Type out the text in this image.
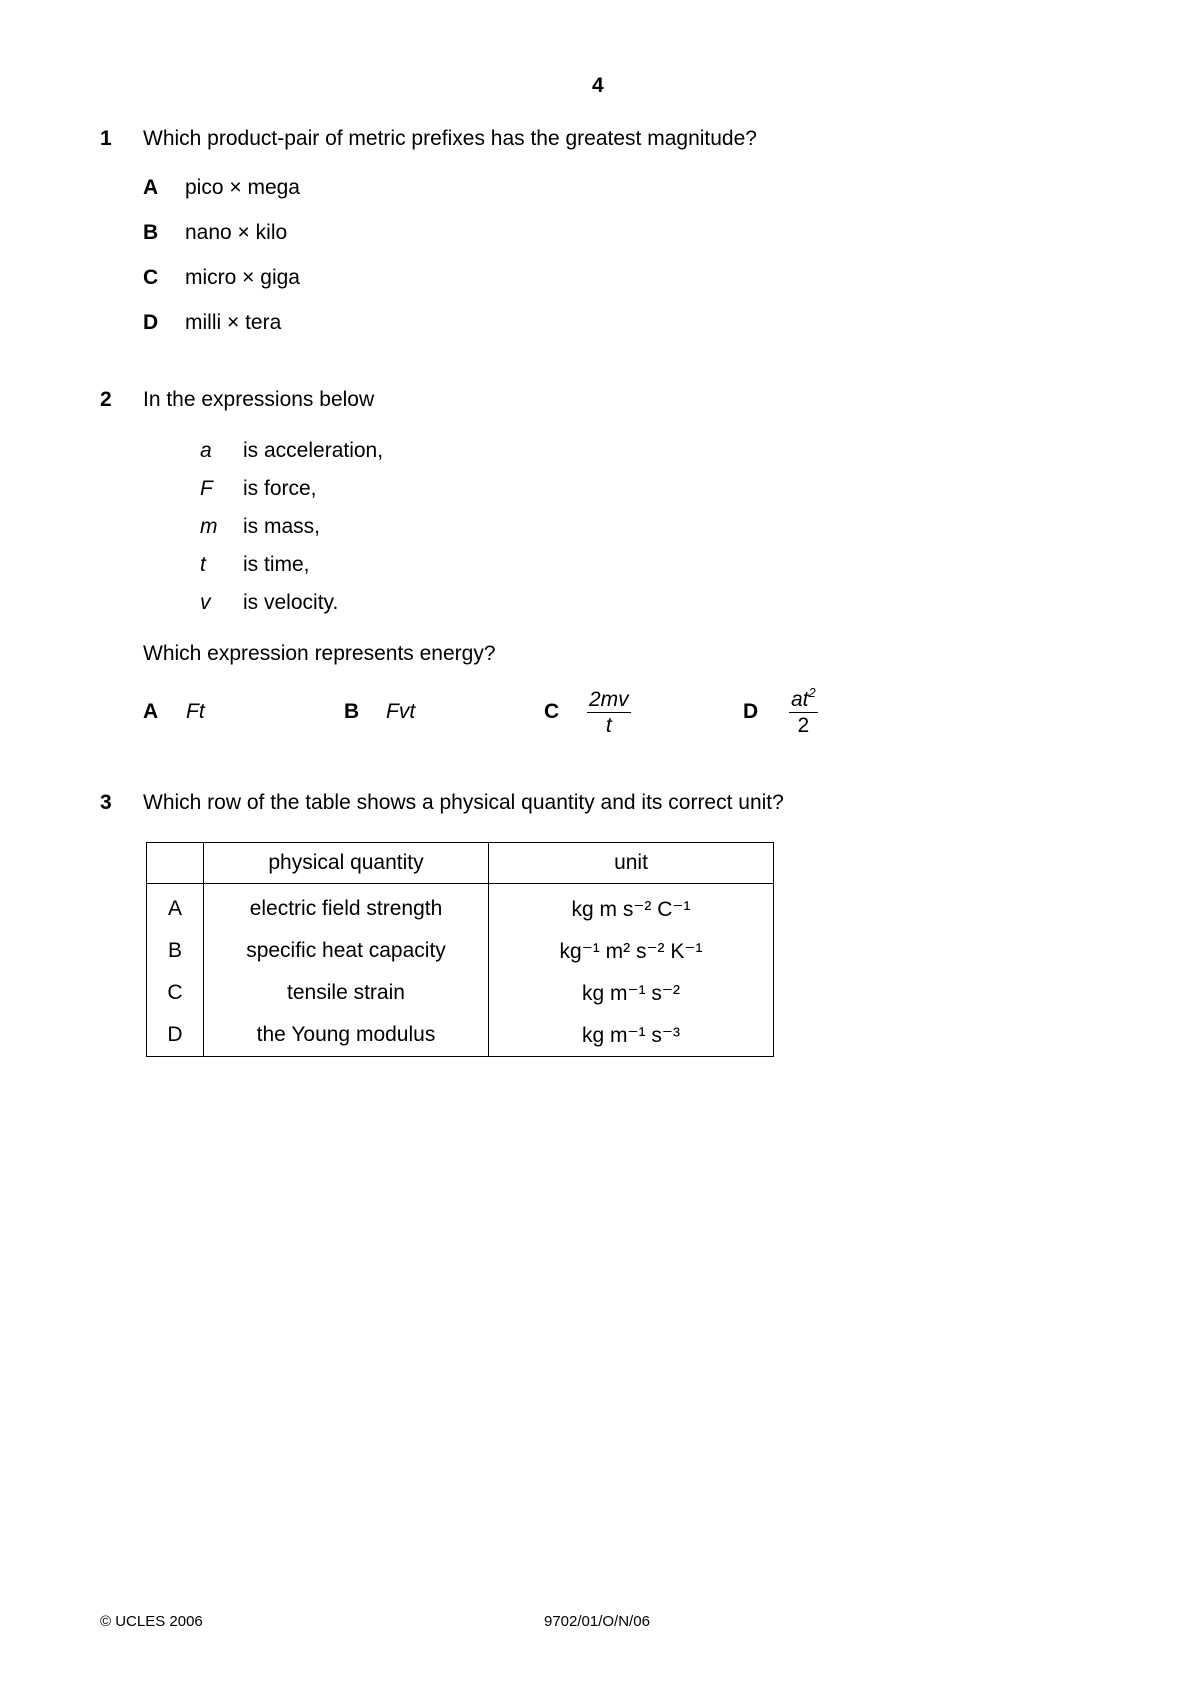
4
1 Which product-pair of metric prefixes has the greatest magnitude?
A pico × mega
B nano × kilo
C micro × giga
D milli × tera
2 In the expressions below
a is acceleration,
F is force,
m is mass,
t is time,
v is velocity.
Which expression represents energy?
A Ft	B Fvt	C $\frac{2mv}{t}$	D $\frac{at^2}{2}$
3 Which row of the table shows a physical quantity and its correct unit?
	physical quantity	unit
A	electric field strength	kg m s⁻² C⁻¹
B	specific heat capacity	kg⁻¹ m² s⁻² K⁻¹
C	tensile strain	kg m⁻¹ s⁻²
D	the Young modulus	kg m⁻¹ s⁻³
© UCLES 2006	9702/01/O/N/06
